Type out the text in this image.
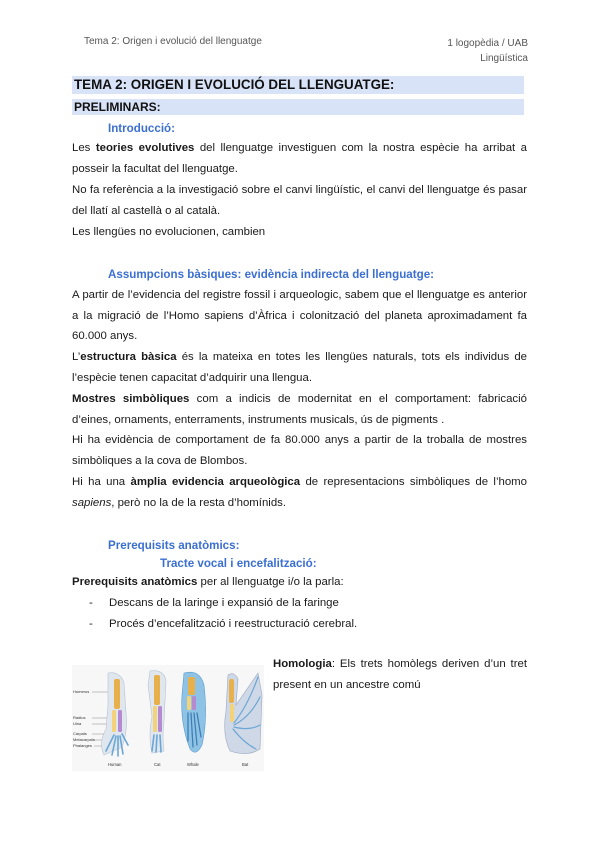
Tema 2: Origen i evolució del llenguatge	1 logopèdia / UAB
Lingüística
TEMA 2: ORIGEN I EVOLUCIÓ DEL LLENGUATGE:
PRELIMINARS:
Introducció:
Les teories evolutives del llenguatge investiguen com la nostra espècie ha arribat a posseir la facultat del llenguatge.
No fa referència a la investigació sobre el canvi lingüístic, el canvi del llenguatge és pasar del llatí al castellà o al català.
Les llengües no evolucionen, cambien
Assumpcions bàsiques: evidència indirecta del llenguatge:
A partir de l’evidencia del registre fossil i arqueologic, sabem que el llenguatge es anterior a la migració de l’Homo sapiens d’Àfrica i colonització del planeta aproximadament fa 60.000 anys.
L’estructura bàsica és la mateixa en totes les llengües naturals, tots els individus de l’espècie tenen capacitat d’adquirir una llengua.
Mostres simbòliques com a indicis de modernitat en el comportament: fabricació d’eines, ornaments, enterraments, instruments musicals, ús de pigments .
Hi ha evidència de comportament de fa 80.000 anys a partir de la troballa de mostres simbòliques a la cova de Blombos.
Hi ha una àmplia evidencia arqueològica de representacions simbòliques de l’homo sapiens, però no la de la resta d’homínids.
Prerequisits anatòmics:
Tracte vocal i encefalització:
Prerequisits anatòmics per al llenguatge i/o la parla:
- Descans de la laringe i expansió de la faringe
- Procés d’encefalització i reestructuració cerebral.
Humerus
Radius
Ulna
Carpals
Metacarpals
Phalanges
Human	Cat	Whale	Bat
Homologia: Els trets homòlegs deriven d’un tret present en un ancestre comú
